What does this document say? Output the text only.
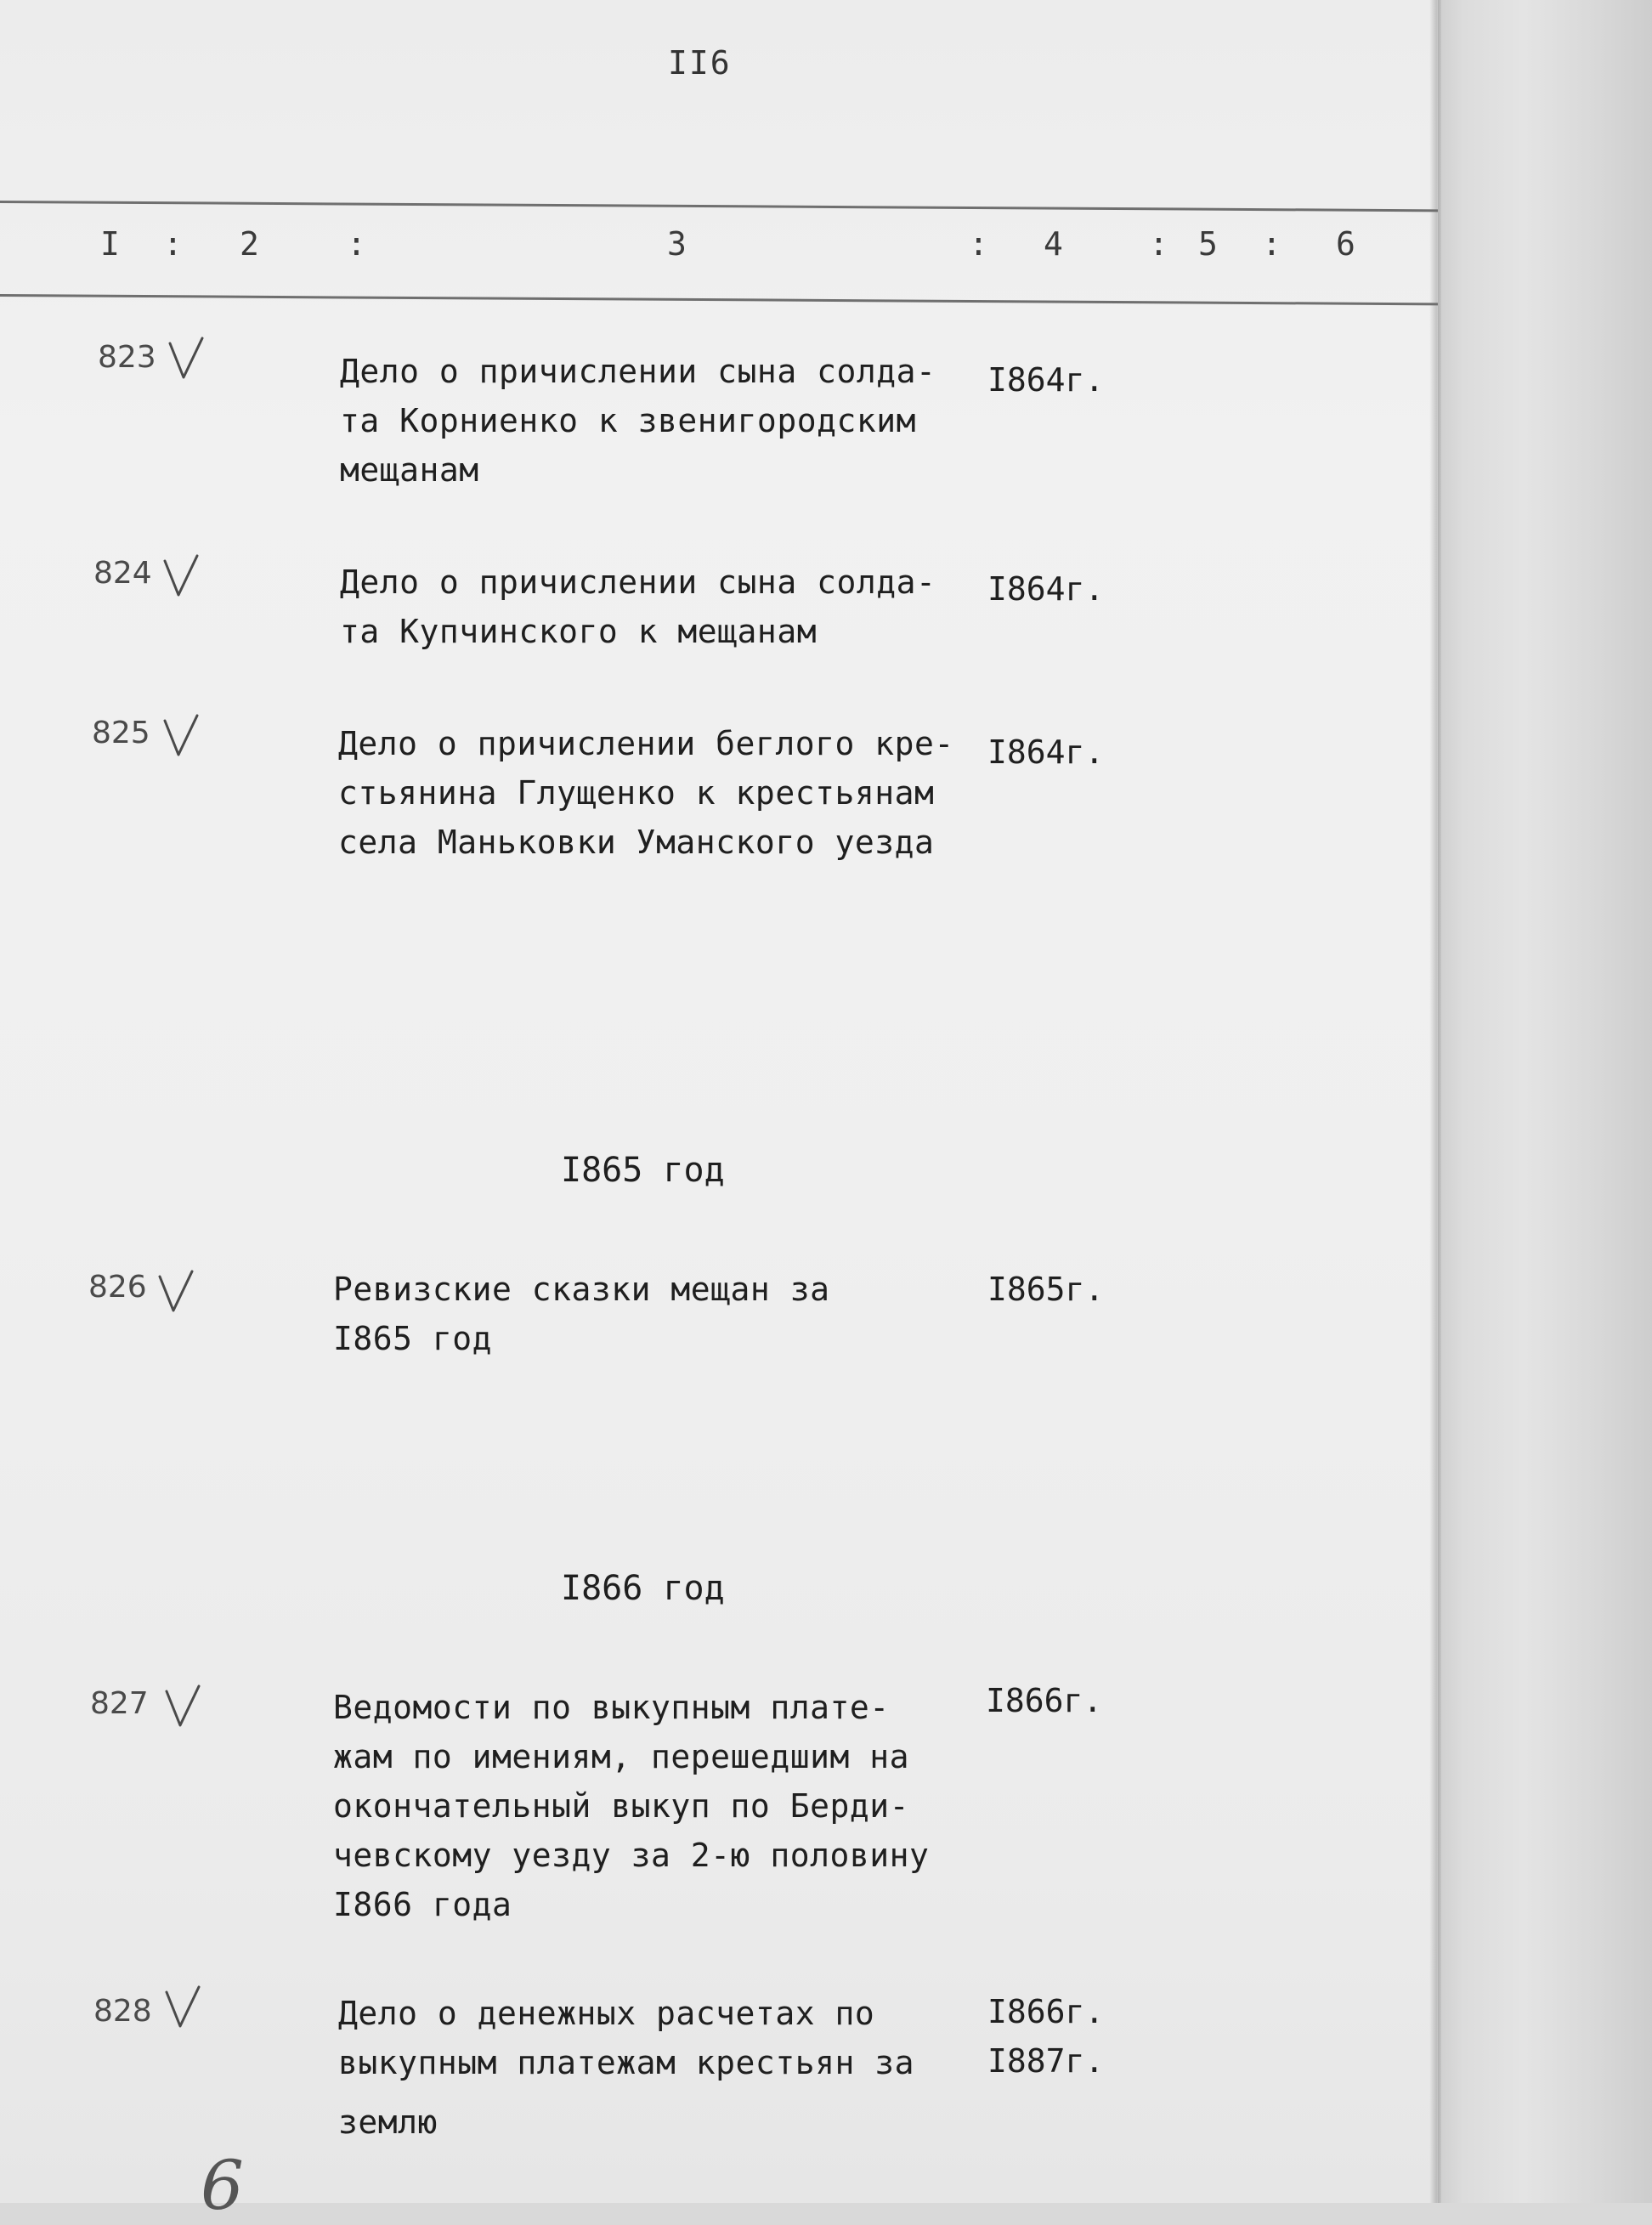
II6
I : 2	:	3	: 4	: 5 : 6
823	Дело о причислении сына солда-
та Корниенко к звенигородским
мещанам
I864г.
824	Дело о причислении сына солда-
та Купчинского к мещанам
I864г.
825	Дело о причислении беглого кре-
стьянина Глущенко к крестьянам
села Маньковки Уманского уезда
I864г.
I865 год
826	Ревизские сказки мещан за
I865 год
I865г.
I866 год
827	Ведомости по выкупным плате-
жам по имениям, перешедшим на
окончательный выкуп по Берди-
чевскому уезду за 2-ю половину
I866 года
I866г.
828	Дело о денежных расчетах по
выкупным платежам крестьян за
землю
I866г.
I887г.
6
